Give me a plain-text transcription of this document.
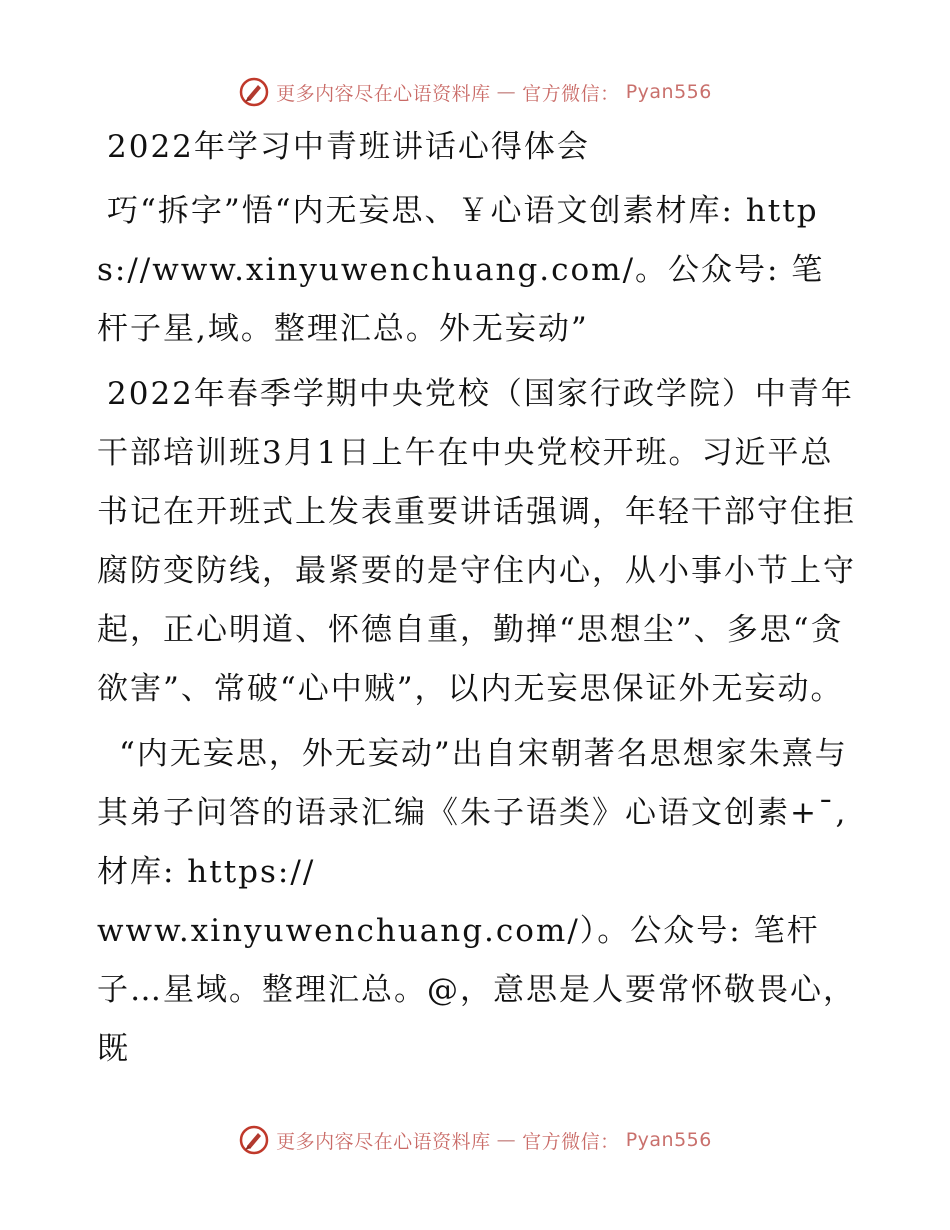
更多内容尽在心语资料库 — 官方微信： Pyan556
2022年学习中青班讲话心得体会

巧“拆字”悟“内无妄思、￥心语文创素材库: https://www.xinyuwenchuang.com/。公众号: 笔杆子星,域。整理汇总。外无妄动”

2022年春季学期中央党校（国家行政学院）中青年干部培训班3月1日上午在中央党校开班。习近平总书记在开班式上发表重要讲话强调，年轻干部守住拒腐防变防线，最紧要的是守住内心，从小事小节上守起，正心明道、怀德自重，勤掸“思想尘”、多思“贪欲害”、常破“心中贼”，以内无妄思保证外无妄动。

“内无妄思，外无妄动”出自宋朝著名思想家朱熹与其弟子问答的语录汇编《朱子语类》心语文创素+¯,材库: https://
www.xinyuwenchuang.com/）。公众号: 笔杆子…星域。整理汇总。@，意思是人要常怀敬畏心，既

更多内容尽在心语资料库 — 官方微信： Pyan556
